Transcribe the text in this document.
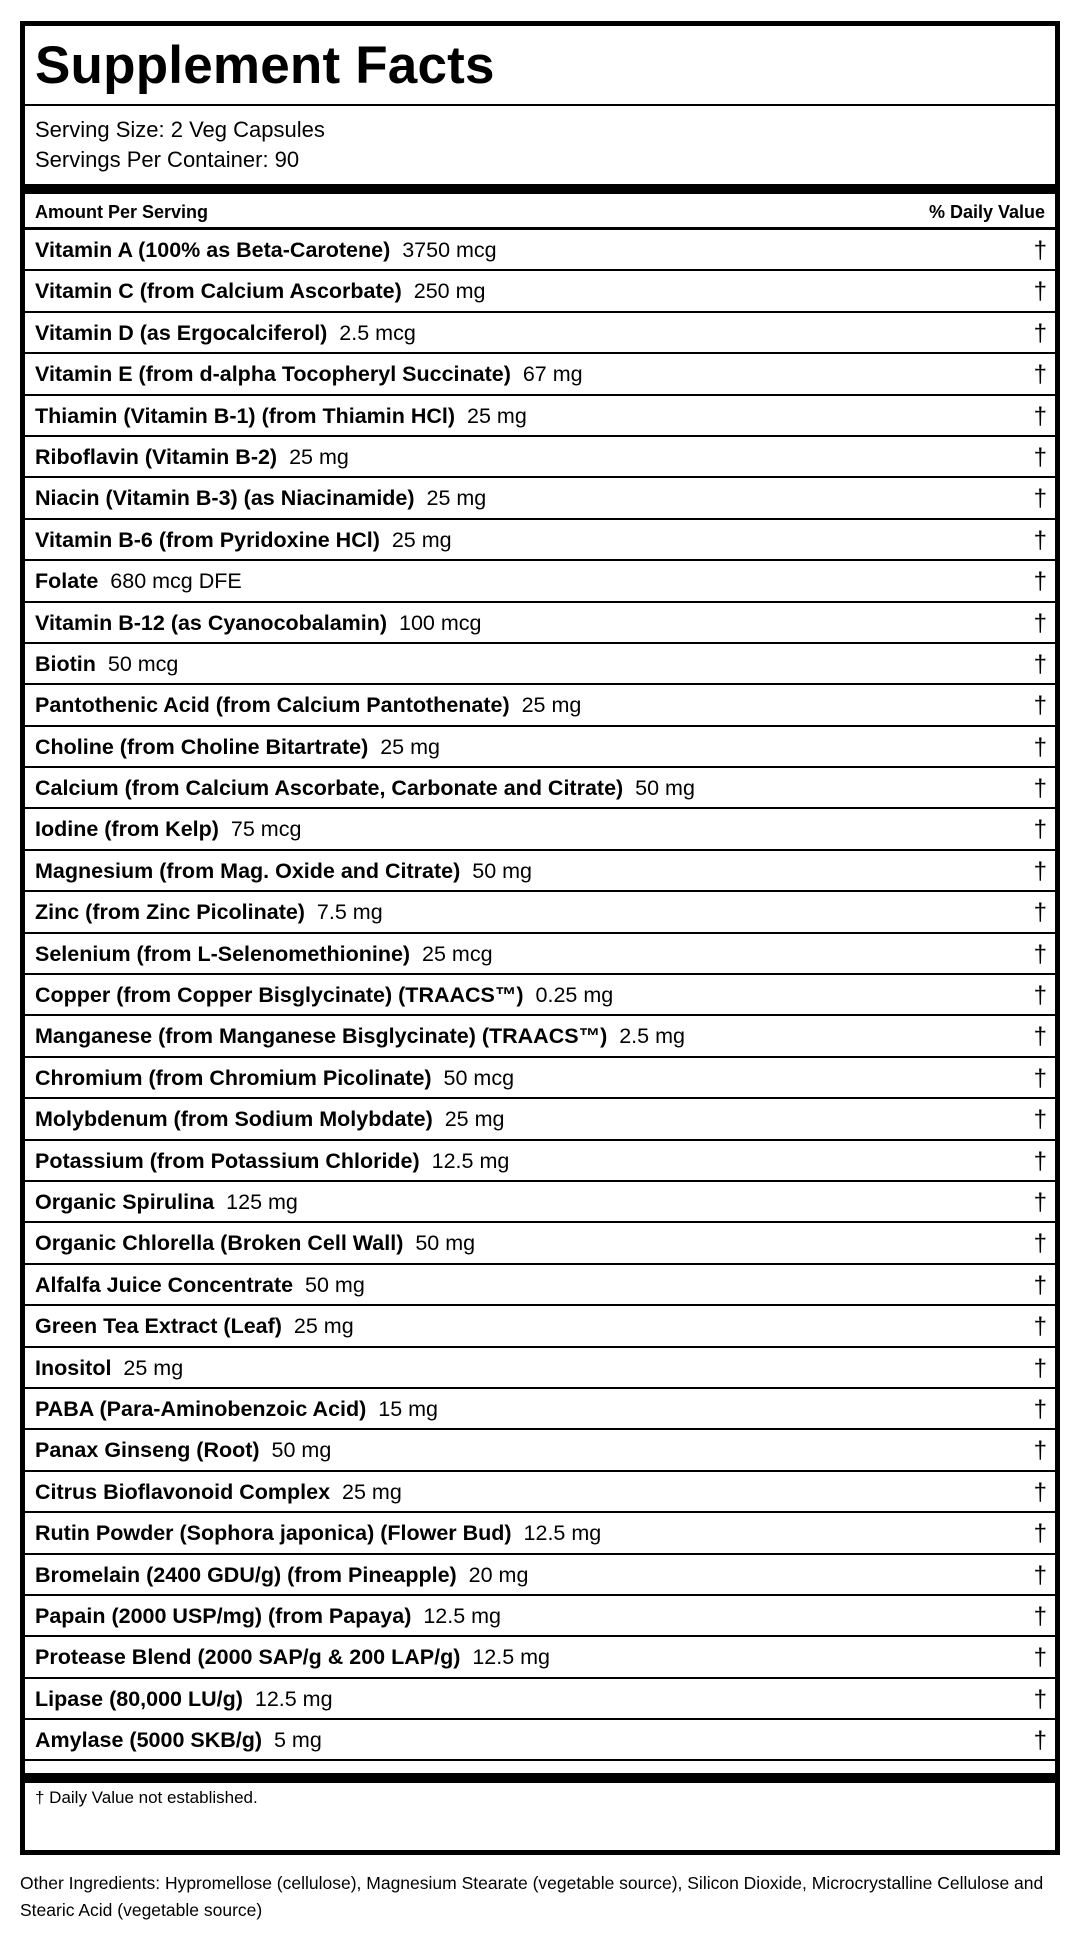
Supplement Facts
Serving Size: 2 Veg Capsules
Servings Per Container: 90
Amount Per Serving	% Daily Value
Vitamin A (100% as Beta-Carotene) 3750 mcg	†
Vitamin C (from Calcium Ascorbate) 250 mg	†
Vitamin D (as Ergocalciferol) 2.5 mcg	†
Vitamin E (from d-alpha Tocopheryl Succinate) 67 mg	†
Thiamin (Vitamin B-1) (from Thiamin HCl) 25 mg	†
Riboflavin (Vitamin B-2) 25 mg	†
Niacin (Vitamin B-3) (as Niacinamide) 25 mg	†
Vitamin B-6 (from Pyridoxine HCl) 25 mg	†
Folate 680 mcg DFE	†
Vitamin B-12 (as Cyanocobalamin) 100 mcg	†
Biotin 50 mcg	†
Pantothenic Acid (from Calcium Pantothenate) 25 mg	†
Choline (from Choline Bitartrate) 25 mg	†
Calcium (from Calcium Ascorbate, Carbonate and Citrate) 50 mg	†
Iodine (from Kelp) 75 mcg	†
Magnesium (from Mag. Oxide and Citrate) 50 mg	†
Zinc (from Zinc Picolinate) 7.5 mg	†
Selenium (from L-Selenomethionine) 25 mcg	†
Copper (from Copper Bisglycinate) (TRAACS™) 0.25 mg	†
Manganese (from Manganese Bisglycinate) (TRAACS™) 2.5 mg	†
Chromium (from Chromium Picolinate) 50 mcg	†
Molybdenum (from Sodium Molybdate) 25 mg	†
Potassium (from Potassium Chloride) 12.5 mg	†
Organic Spirulina 125 mg	†
Organic Chlorella (Broken Cell Wall) 50 mg	†
Alfalfa Juice Concentrate 50 mg	†
Green Tea Extract (Leaf) 25 mg	†
Inositol 25 mg	†
PABA (Para-Aminobenzoic Acid) 15 mg	†
Panax Ginseng (Root) 50 mg	†
Citrus Bioflavonoid Complex 25 mg	†
Rutin Powder (Sophora japonica) (Flower Bud) 12.5 mg	†
Bromelain (2400 GDU/g) (from Pineapple) 20 mg	†
Papain (2000 USP/mg) (from Papaya) 12.5 mg	†
Protease Blend (2000 SAP/g & 200 LAP/g) 12.5 mg	†
Lipase (80,000 LU/g) 12.5 mg	†
Amylase (5000 SKB/g) 5 mg	†
† Daily Value not established.
Other Ingredients: Hypromellose (cellulose), Magnesium Stearate (vegetable source), Silicon Dioxide, Microcrystalline Cellulose and Stearic Acid (vegetable source)
